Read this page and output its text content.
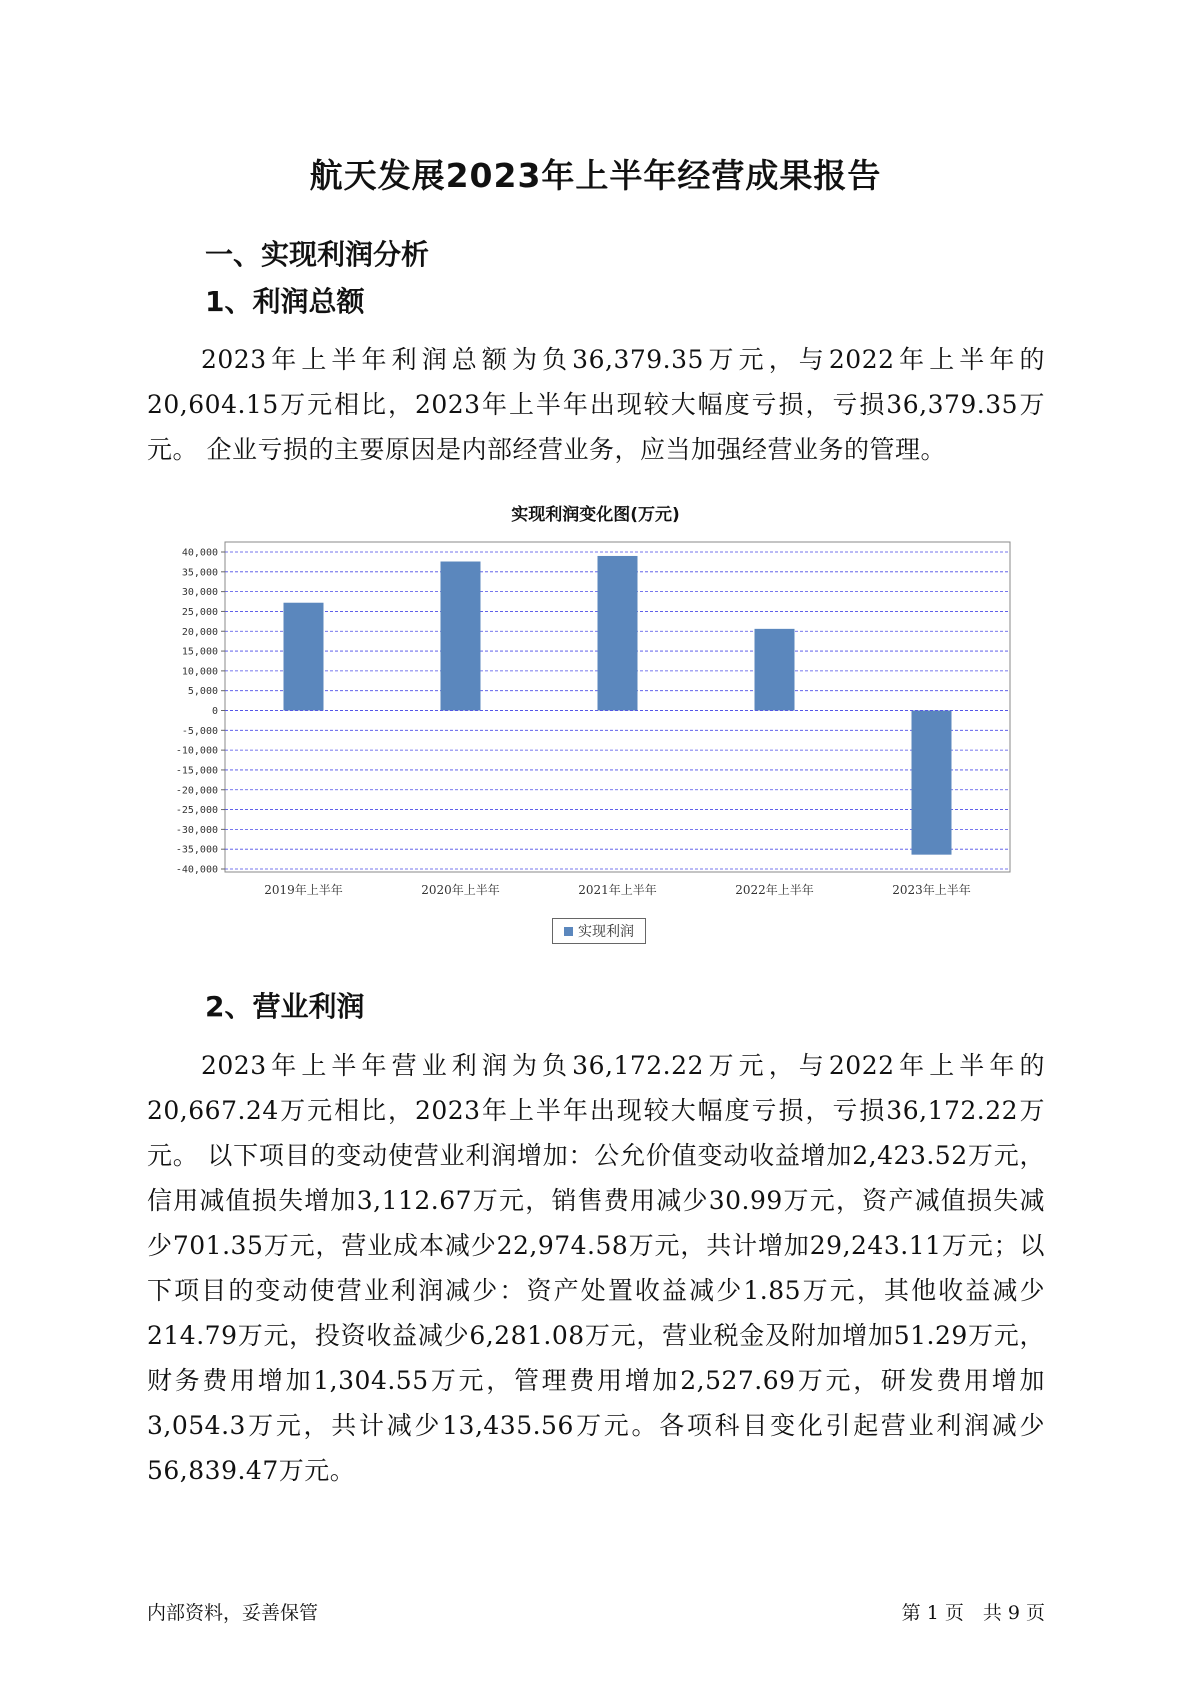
航天发展2023年上半年经营成果报告
一、实现利润分析
1、利润总额

2023年上半年利润总额为负36,379.35万元，与2022年上半年的20,604.15万元相比，2023年上半年出现较大幅度亏损，亏损36,379.35万元。 企业亏损的主要原因是内部经营业务，应当加强经营业务的管理。

实现利润变化图(万元)
40,000
35,000
30,000
25,000
20,000
15,000
10,000
5,000
0
-5,000
-10,000
-15,000
-20,000
-25,000
-30,000
-35,000
-40,000
2019年上半年	2020年上半年	2021年上半年	2022年上半年	2023年上半年
实现利润
2、营业利润

2023年上半年营业利润为负36,172.22万元，与2022年上半年的20,667.24万元相比，2023年上半年出现较大幅度亏损，亏损36,172.22万元。 以下项目的变动使营业利润增加：公允价值变动收益增加2,423.52万元，信用减值损失增加3,112.67万元，销售费用减少30.99万元，资产减值损失减少701.35万元，营业成本减少22,974.58万元，共计增加29,243.11万元；以下项目的变动使营业利润减少：资产处置收益减少1.85万元，其他收益减少214.79万元，投资收益减少6,281.08万元，营业税金及附加增加51.29万元，财务费用增加1,304.55万元，管理费用增加2,527.69万元，研发费用增加3,054.3万元，共计减少13,435.56万元。各项科目变化引起营业利润减少56,839.47万元。

内部资料，妥善保管	第 1 页　共 9 页
